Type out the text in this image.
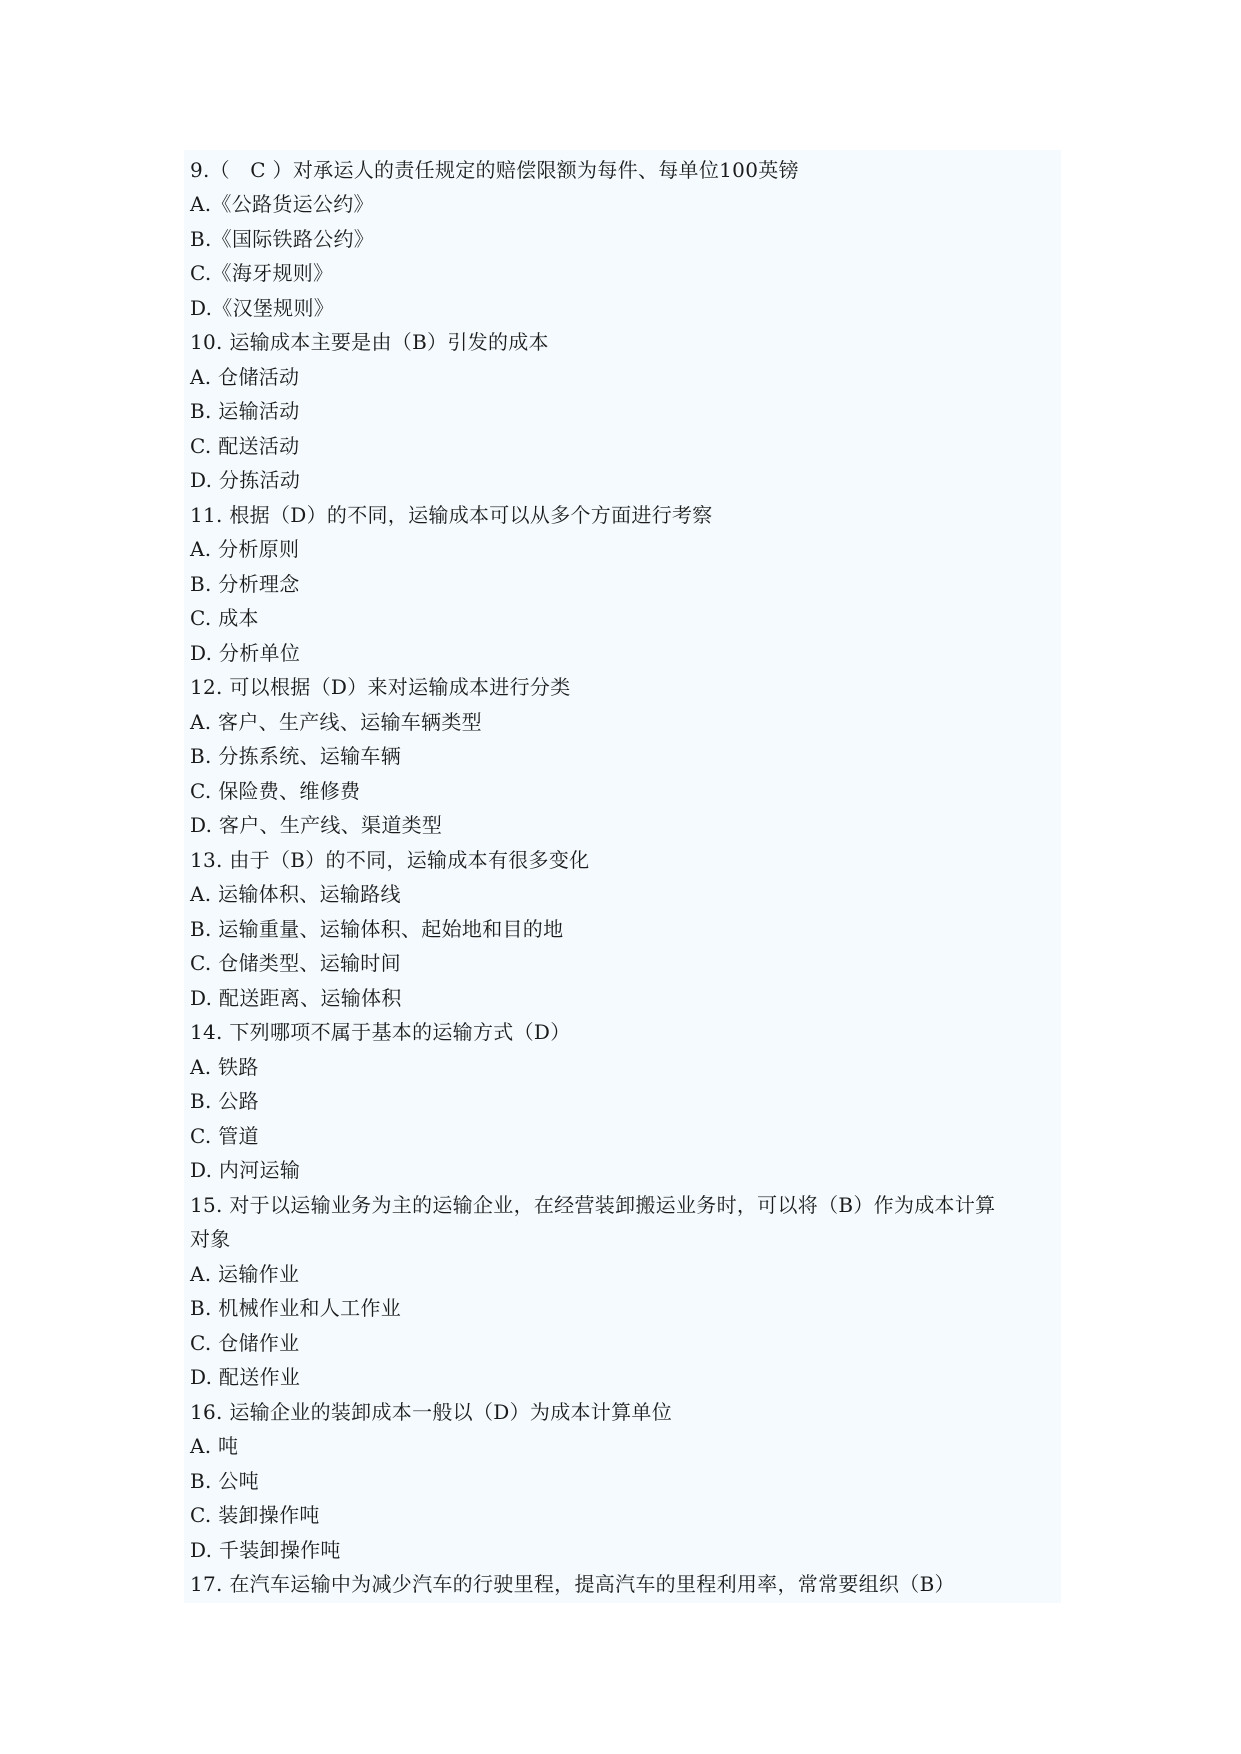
9.（　C ）对承运人的责任规定的赔偿限额为每件、每单位100英镑
A.《公路货运公约》
B.《国际铁路公约》
C.《海牙规则》
D.《汉堡规则》
10. 运输成本主要是由（B）引发的成本
A. 仓储活动
B. 运输活动
C. 配送活动
D. 分拣活动
11. 根据（D）的不同，运输成本可以从多个方面进行考察
A. 分析原则
B. 分析理念
C. 成本
D. 分析单位
12. 可以根据（D）来对运输成本进行分类
A. 客户、生产线、运输车辆类型
B. 分拣系统、运输车辆
C. 保险费、维修费
D. 客户、生产线、渠道类型
13. 由于（B）的不同，运输成本有很多变化
A. 运输体积、运输路线
B. 运输重量、运输体积、起始地和目的地
C. 仓储类型、运输时间
D. 配送距离、运输体积
14. 下列哪项不属于基本的运输方式（D）
A. 铁路
B. 公路
C. 管道
D. 内河运输
15. 对于以运输业务为主的运输企业，在经营装卸搬运业务时，可以将（B）作为成本计算
对象
A. 运输作业
B. 机械作业和人工作业
C. 仓储作业
D. 配送作业
16. 运输企业的装卸成本一般以（D）为成本计算单位
A. 吨
B. 公吨
C. 装卸操作吨
D. 千装卸操作吨
17. 在汽车运输中为减少汽车的行驶里程，提高汽车的里程利用率，常常要组织（B）
